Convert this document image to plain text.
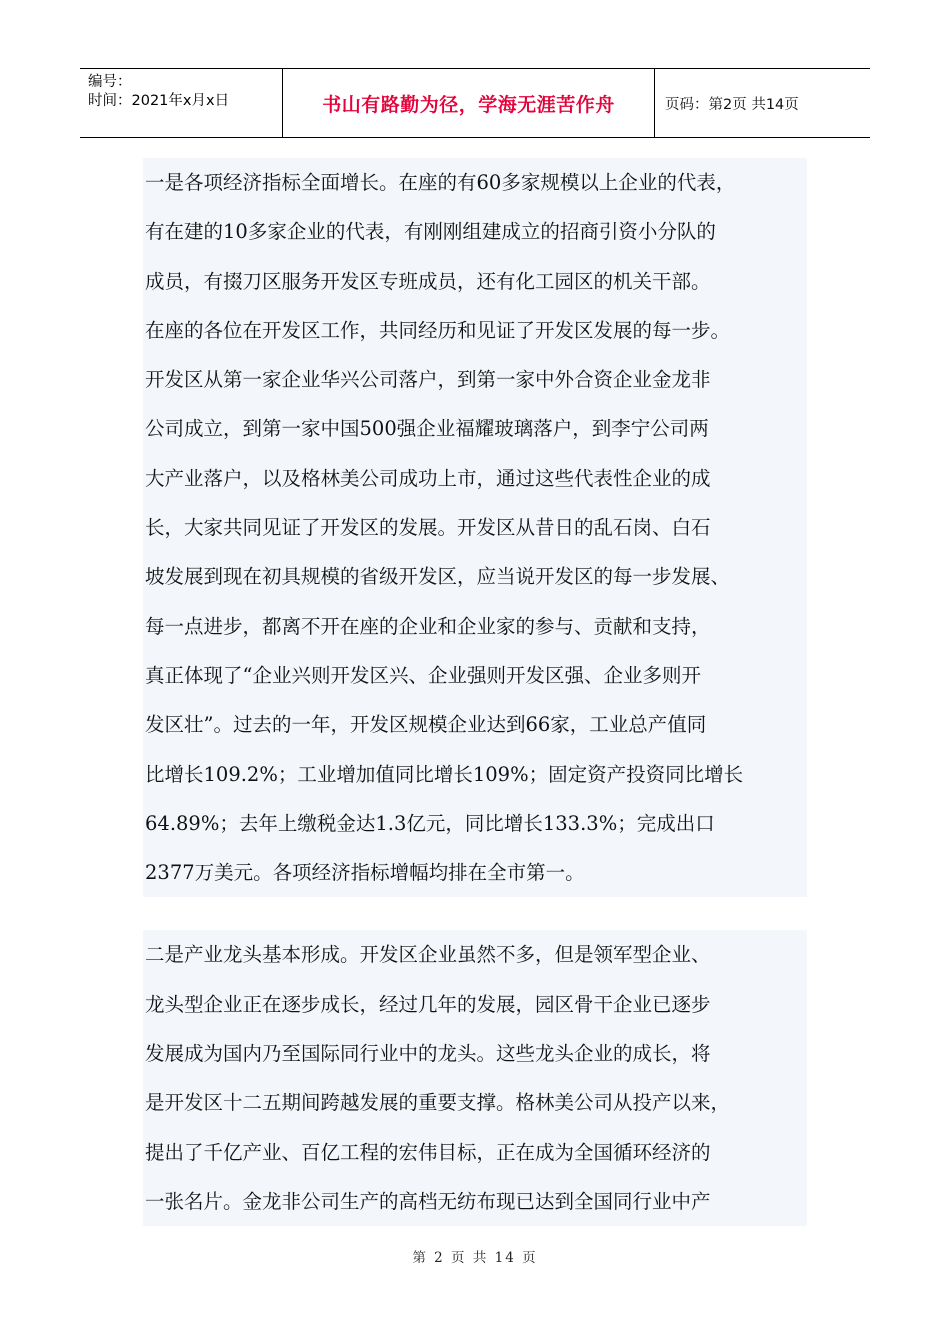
编号：
时间：2021年x月x日	书山有路勤为径，学海无涯苦作舟	页码：第2页 共14页
一是各项经济指标全面增长。在座的有60多家规模以上企业的代表，
有在建的10多家企业的代表，有刚刚组建成立的招商引资小分队的
成员，有掇刀区服务开发区专班成员，还有化工园区的机关干部。
在座的各位在开发区工作，共同经历和见证了开发区发展的每一步。
开发区从第一家企业华兴公司落户，到第一家中外合资企业金龙非
公司成立，到第一家中国500强企业福耀玻璃落户，到李宁公司两
大产业落户，以及格林美公司成功上市，通过这些代表性企业的成
长，大家共同见证了开发区的发展。开发区从昔日的乱石岗、白石
坡发展到现在初具规模的省级开发区，应当说开发区的每一步发展、
每一点进步，都离不开在座的企业和企业家的参与、贡献和支持，
真正体现了“企业兴则开发区兴、企业强则开发区强、企业多则开
发区壮”。过去的一年，开发区规模企业达到66家，工业总产值同
比增长109.2%；工业增加值同比增长109%；固定资产投资同比增长
64.89%；去年上缴税金达1.3亿元，同比增长133.3%；完成出口
2377万美元。各项经济指标增幅均排在全市第一。
二是产业龙头基本形成。开发区企业虽然不多，但是领军型企业、
龙头型企业正在逐步成长，经过几年的发展，园区骨干企业已逐步
发展成为国内乃至国际同行业中的龙头。这些龙头企业的成长，将
是开发区十二五期间跨越发展的重要支撑。格林美公司从投产以来，
提出了千亿产业、百亿工程的宏伟目标，正在成为全国循环经济的
一张名片。金龙非公司生产的高档无纺布现已达到全国同行业中产
第 2 页 共 14 页
